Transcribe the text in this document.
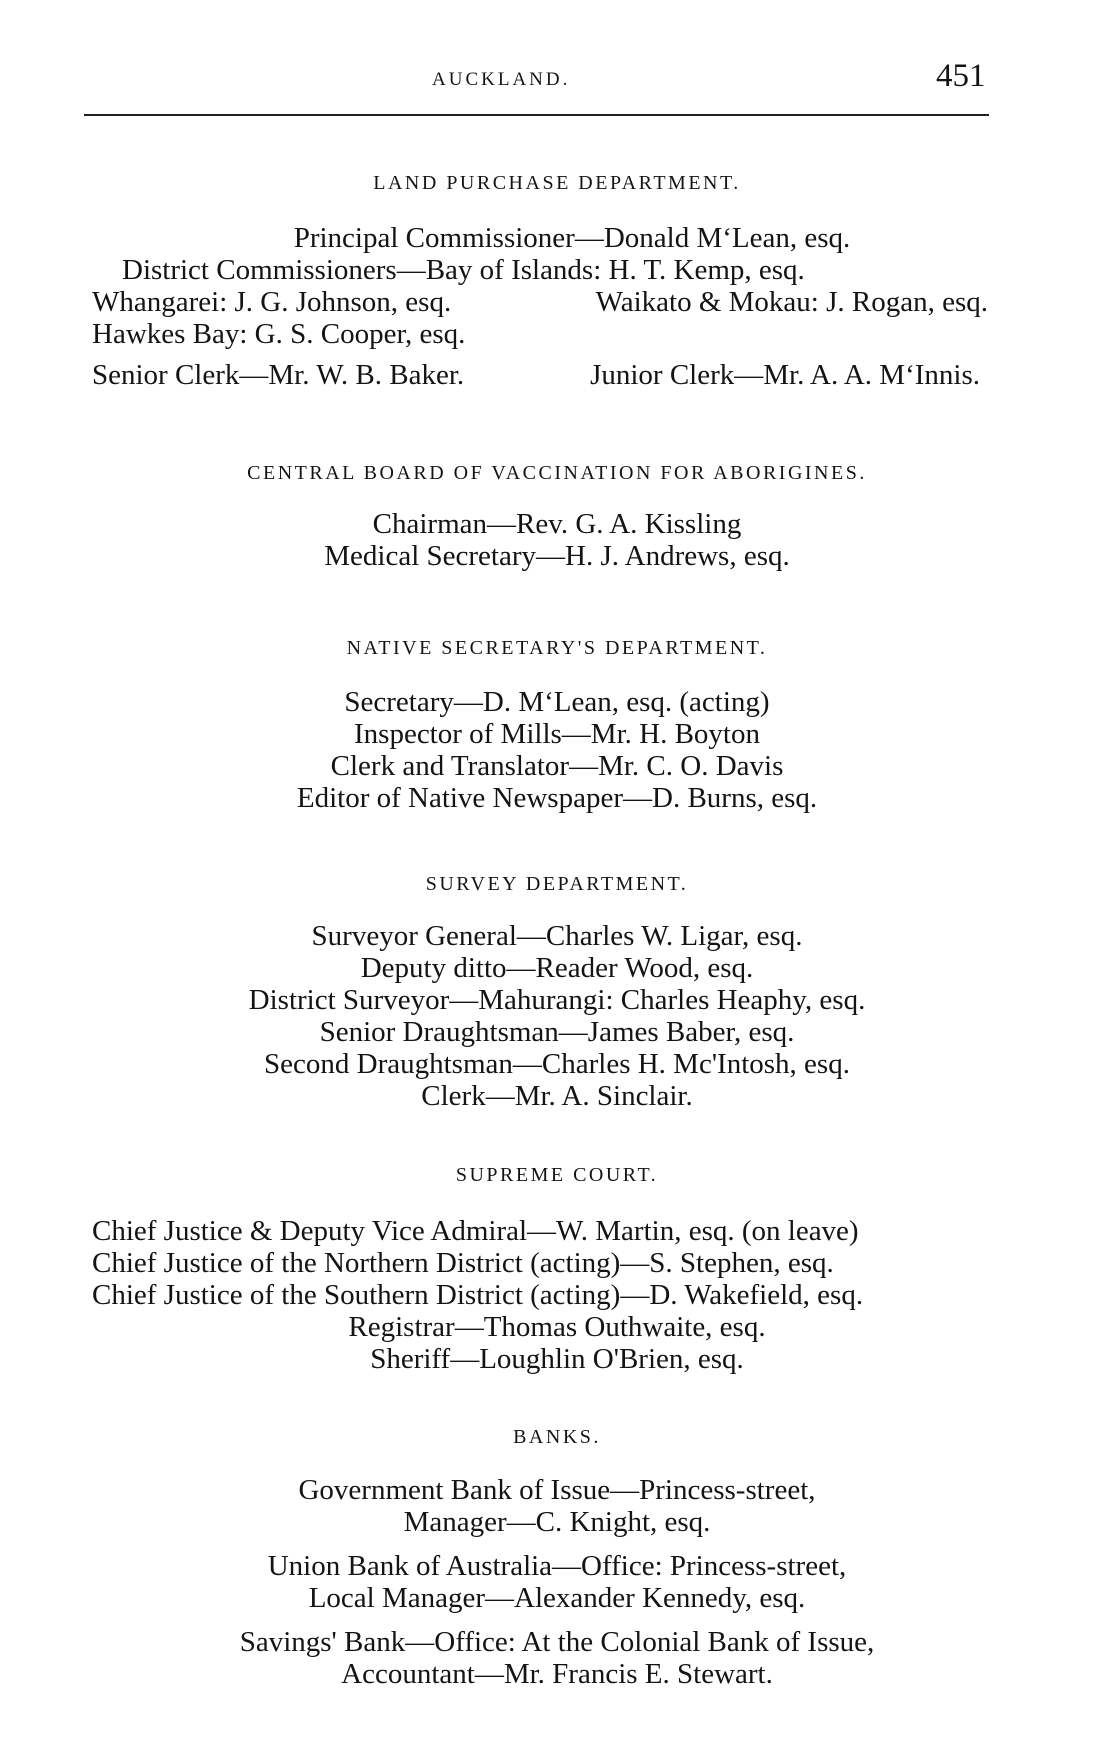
AUCKLAND.	451
LAND PURCHASE DEPARTMENT.
Principal Commissioner—Donald M‘Lean, esq.
District Commissioners—Bay of Islands: H. T. Kemp, esq.
Whangarei: J. G. Johnson, esq.	Waikato & Mokau: J. Rogan, esq.
Hawkes Bay: G. S. Cooper, esq.
Senior Clerk—Mr. W. B. Baker.	Junior Clerk—Mr. A. A. M‘Innis.
CENTRAL BOARD OF VACCINATION FOR ABORIGINES.
Chairman—Rev. G. A. Kissling
Medical Secretary—H. J. Andrews, esq.
NATIVE SECRETARY'S DEPARTMENT.
Secretary—D. M‘Lean, esq. (acting)
Inspector of Mills—Mr. H. Boyton
Clerk and Translator—Mr. C. O. Davis
Editor of Native Newspaper—D. Burns, esq.
SURVEY DEPARTMENT.
Surveyor General—Charles W. Ligar, esq.
Deputy ditto—Reader Wood, esq.
District Surveyor—Mahurangi: Charles Heaphy, esq.
Senior Draughtsman—James Baber, esq.
Second Draughtsman—Charles H. Mc'Intosh, esq.
Clerk—Mr. A. Sinclair.
SUPREME COURT.
Chief Justice & Deputy Vice Admiral—W. Martin, esq. (on leave)
Chief Justice of the Northern District (acting)—S. Stephen, esq.
Chief Justice of the Southern District (acting)—D. Wakefield, esq.
Registrar—Thomas Outhwaite, esq.
Sheriff—Loughlin O'Brien, esq.
BANKS.
Government Bank of Issue—Princess-street,
Manager—C. Knight, esq.
Union Bank of Australia—Office: Princess-street,
Local Manager—Alexander Kennedy, esq.
Savings' Bank—Office: At the Colonial Bank of Issue,
Accountant—Mr. Francis E. Stewart.
